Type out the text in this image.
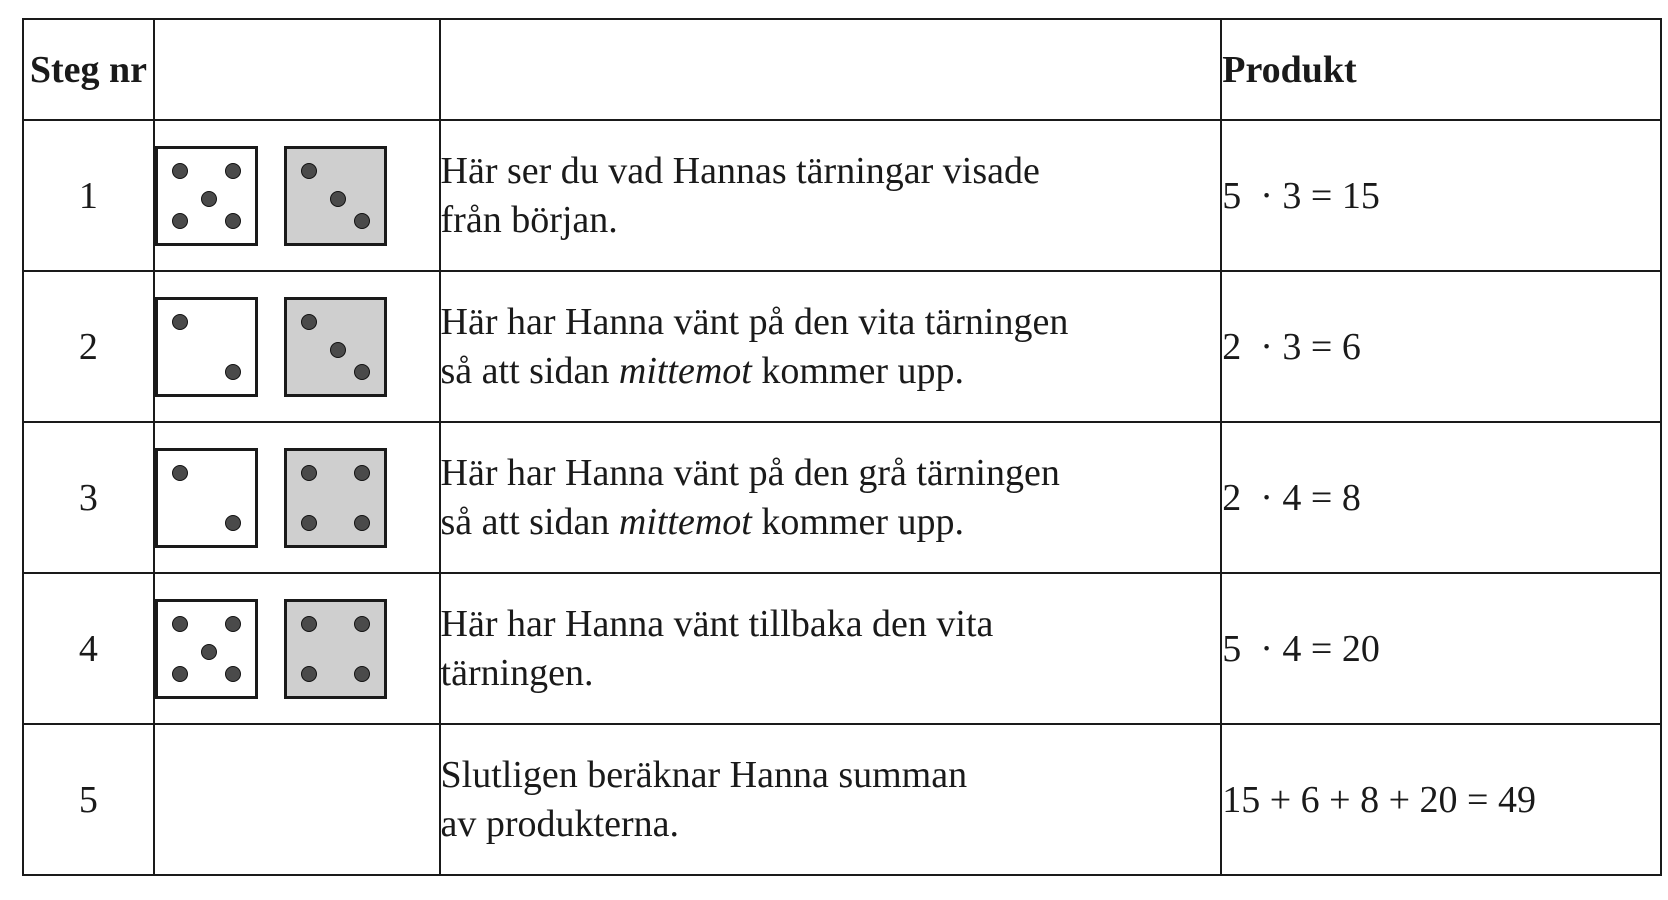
Steg nr			Produkt
1		Här ser du vad Hannas tärningar visade
från början.	5  · 3 = 15
2		Här har Hanna vänt på den vita tärningen
så att sidan mittemot kommer upp.	2  · 3 = 6
3		Här har Hanna vänt på den grå tärningen
så att sidan mittemot kommer upp.	2  · 4 = 8
4		Här har Hanna vänt tillbaka den vita
tärningen.	5  · 4 = 20
5		Slutligen beräknar Hanna summan
av produkterna.	15 + 6 + 8 + 20 = 49
